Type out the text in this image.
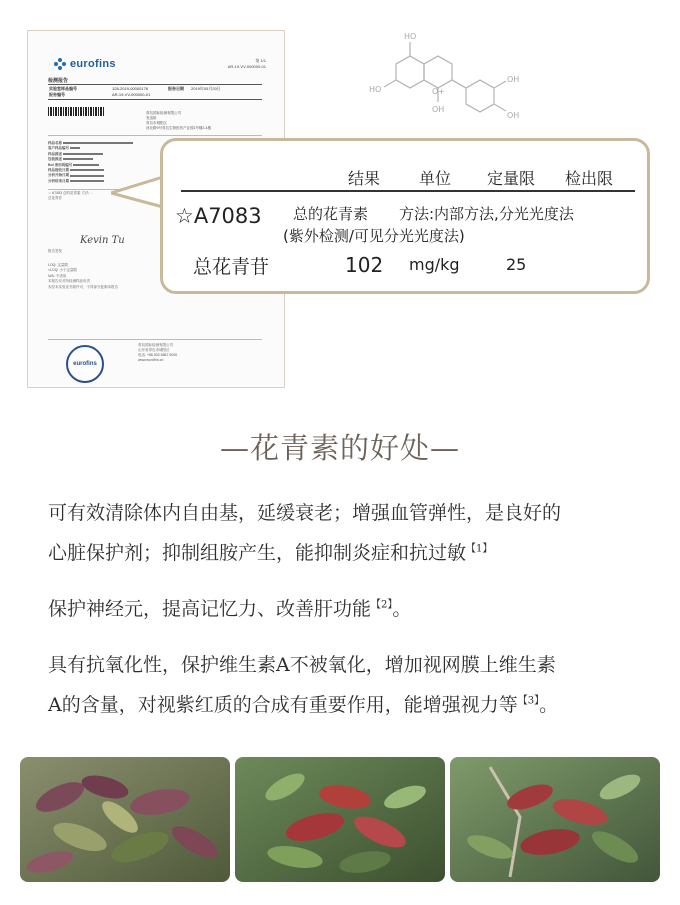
eurofins	第 1/1
AR-19-VV-000000-01
检测报告
实验室样品编号	128-2019-00000176	报告日期 2019年05月20日
报告编号	AR-19-VV-000000-01
青岛国标检测有限公司
发送给
青岛市城阳区
河北路9号青岛生物医药产业园1号楼2-4楼
样品名称
客户样品编号
样品描述
包装描述
Bot 条形码编号
样品接收日期
分析开始日期
分析结束日期
☆ A7083 总的花青素 方法:…
总花青苷
Kevin Tu
报告签发
LOQ: 定量限
<LOQ: 小于定量限
N/A: 不适用
本报告仅对所检测样品负责
未经本实验室书面许可，不得部分复制本报告
青岛国标检测有限公司
山东省青岛市城阳区
电话: +86 532 6867 5000
www.eurofins.cn
eurofins
HO
HO	O+
OH
OH
OH
结果 单位 定量限 检出限
☆A7083 总的花青素 方法:内部方法,分光光度法
(紫外检测/可见分光光度法)
总花青苷	102 mg/kg	25
—花青素的好处—
可有效清除体内自由基，延缓衰老；增强血管弹性，是良好的
心脏保护剂；抑制组胺产生，能抑制炎症和抗过敏$^{【1】}$
保护神经元，提高记忆力、改善肝功能$^{【2】}$。
具有抗氧化性，保护维生素A不被氧化，增加视网膜上维生素
A的含量，对视紫红质的合成有重要作用，能增强视力等$^{【3】}$。
